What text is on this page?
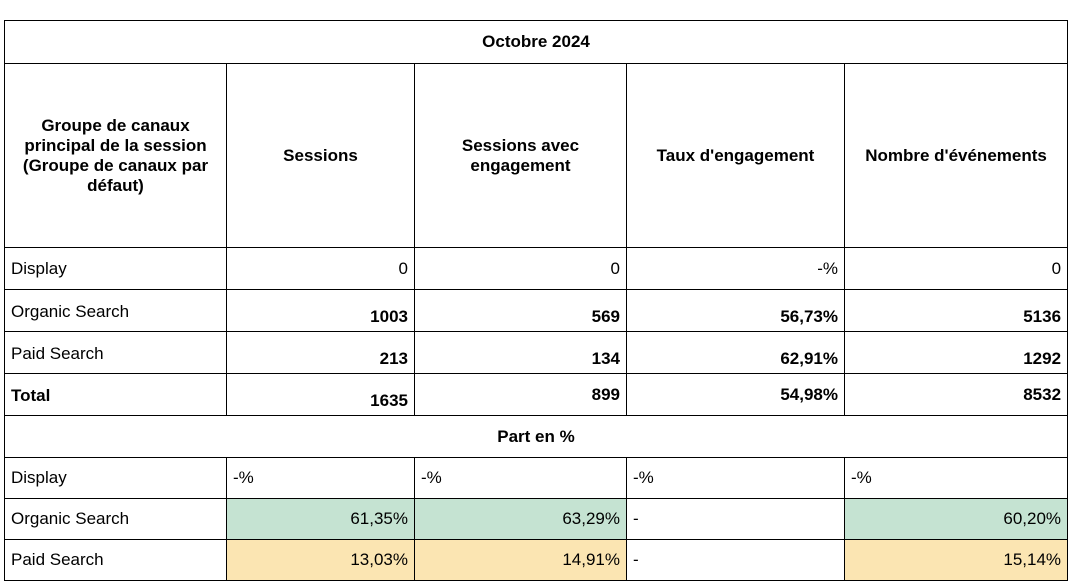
Octobre 2024				
Groupe de canaux principal de la session (Groupe de canaux par défaut)	Sessions	Sessions avec engagement	Taux d'engagement	Nombre d'événements
Display	0	0	-%	0
Organic Search	1003	569	56,73%	5136
Paid Search	213	134	62,91%	1292
Total	1635	899	54,98%	8532
Part en %				
Display	-%	-%	-%	-%
Organic Search	61,35%	63,29%	-	60,20%
Paid Search	13,03%	14,91%	-	15,14%
